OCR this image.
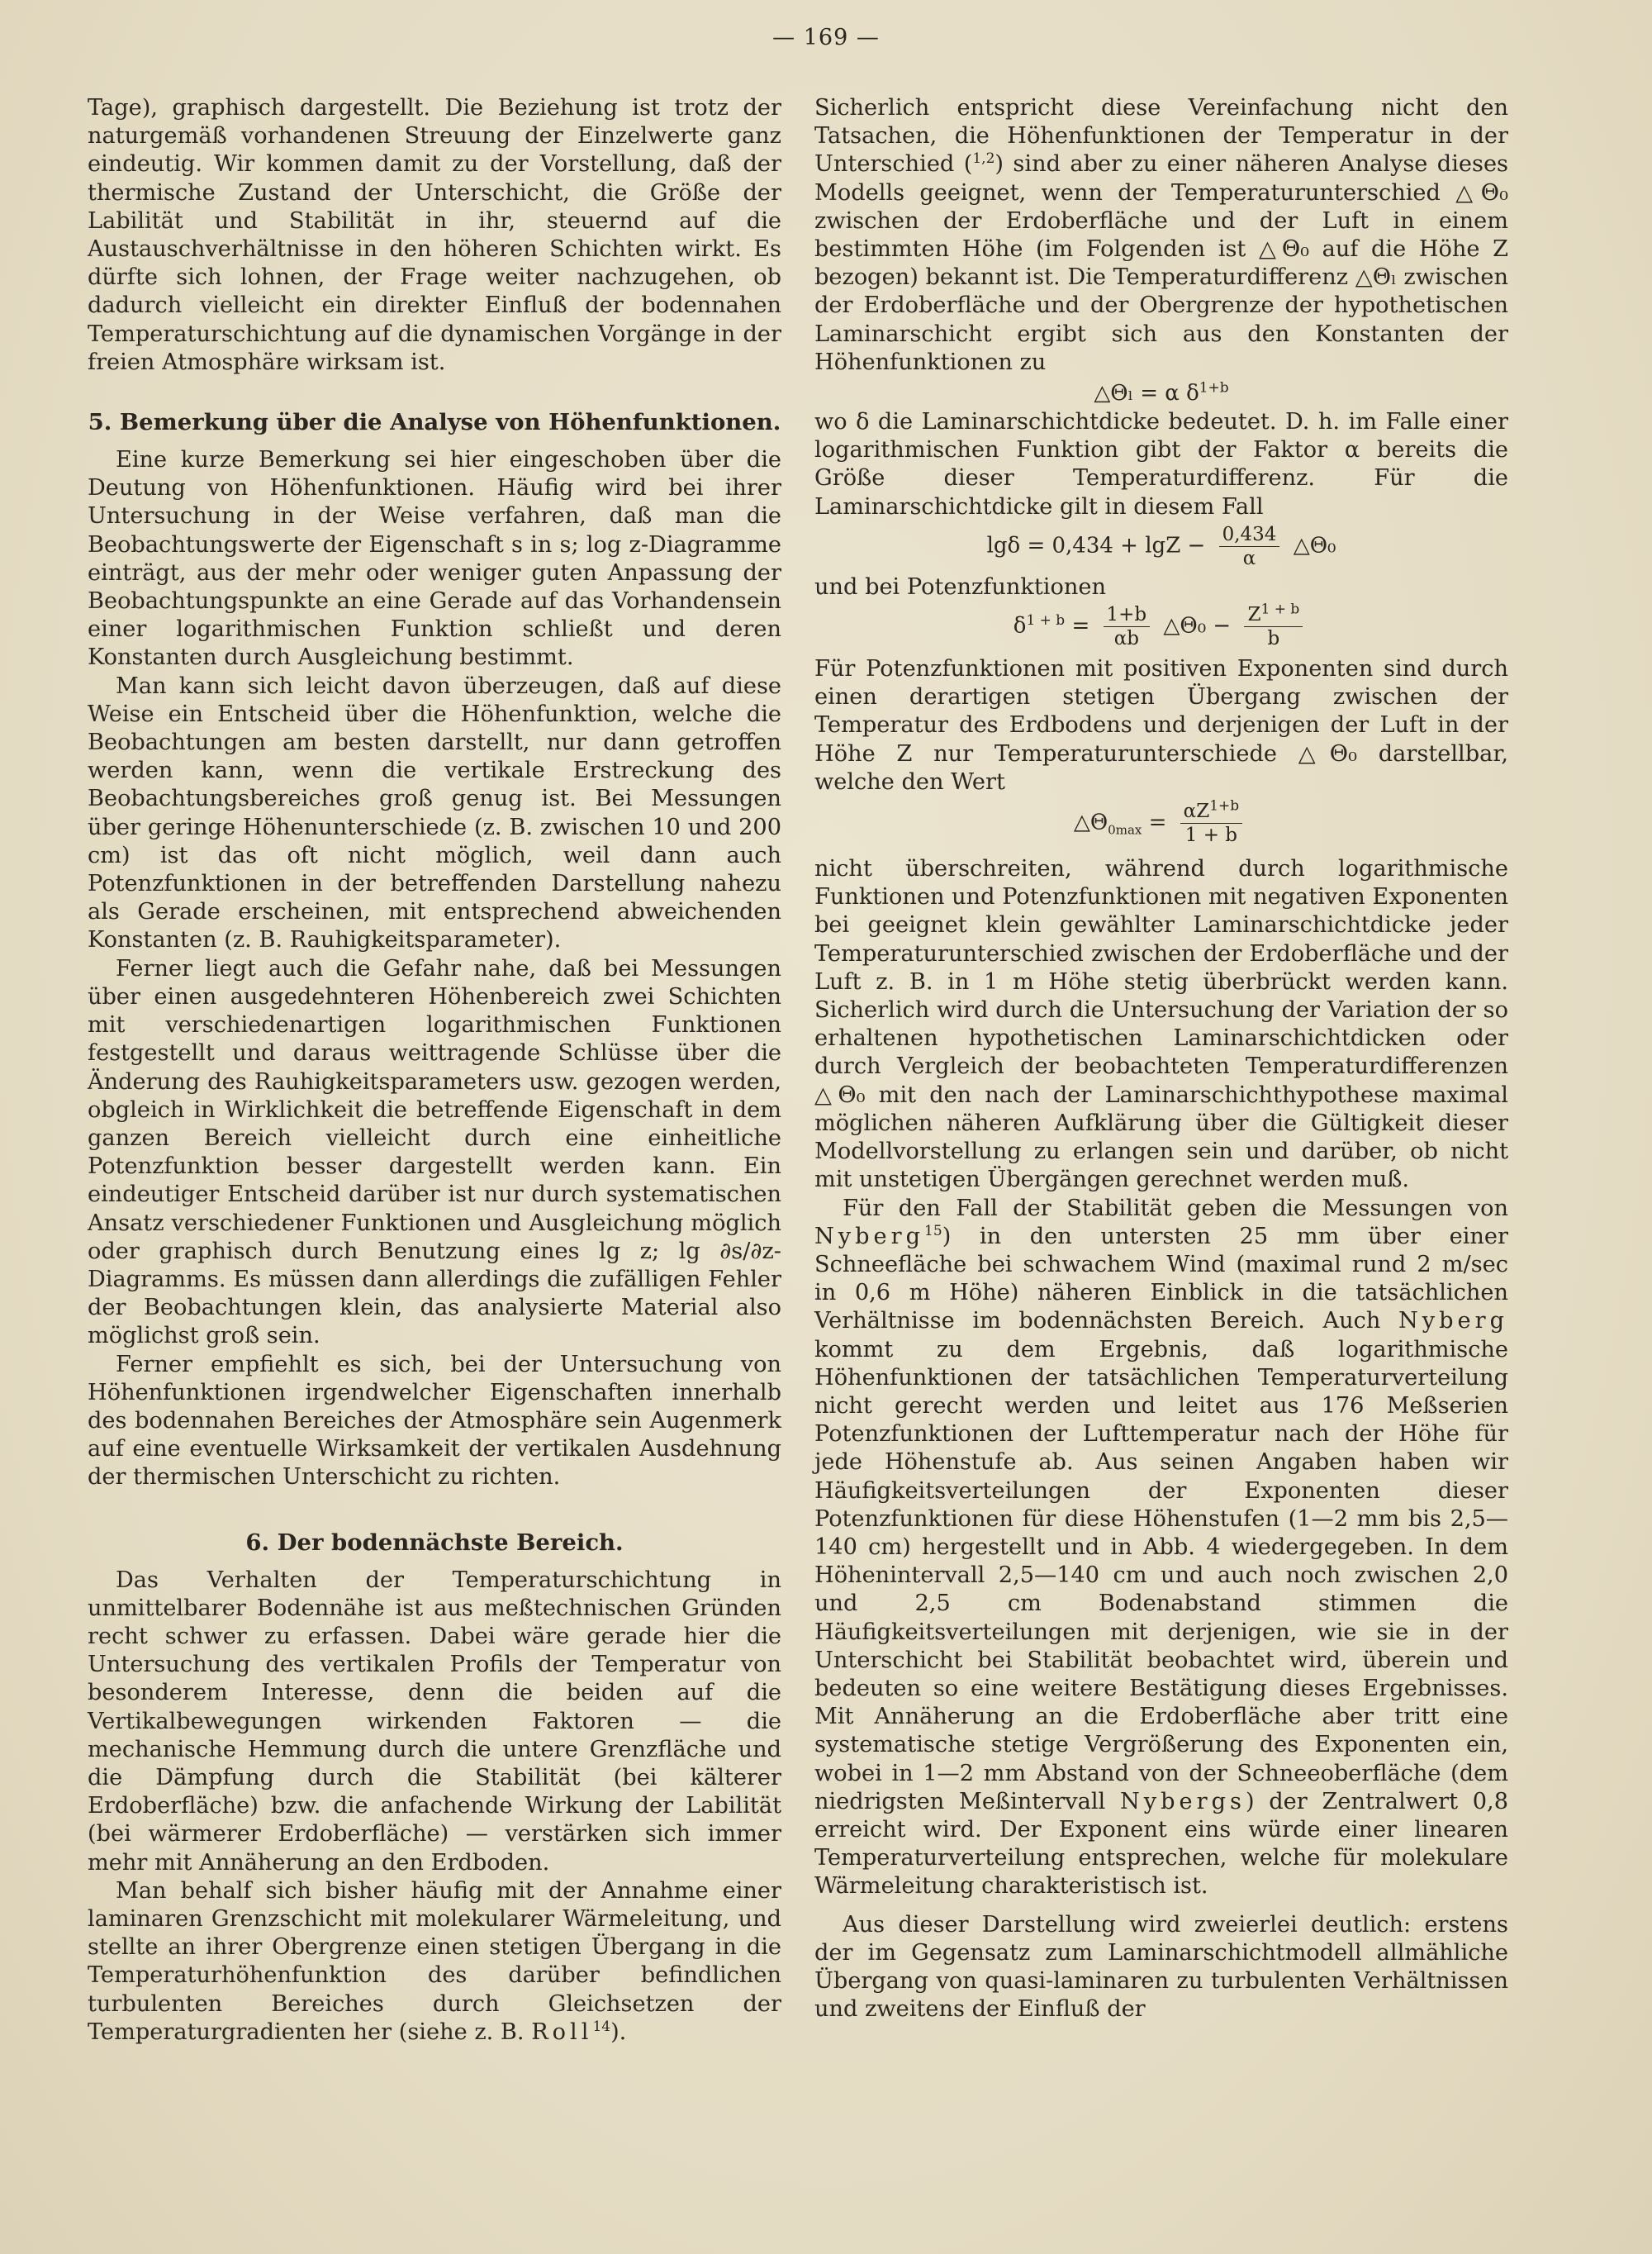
— 169 —

Tage), graphisch dargestellt. Die Beziehung ist trotz der naturgemäß vorhandenen Streuung der Einzelwerte ganz eindeutig. Wir kommen damit zu der Vorstellung, daß der thermische Zustand der Unterschicht, die Größe der Labilität und Stabilität in ihr, steuernd auf die Austauschverhältnisse in den höheren Schichten wirkt. Es dürfte sich lohnen, der Frage weiter nachzugehen, ob dadurch vielleicht ein direkter Einfluß der bodennahen Temperaturschichtung auf die dynamischen Vorgänge in der freien Atmosphäre wirksam ist.

5. Bemerkung über die Analyse von Höhenfunktionen.

Eine kurze Bemerkung sei hier eingeschoben über die Deutung von Höhenfunktionen. Häufig wird bei ihrer Untersuchung in der Weise verfahren, daß man die Beobachtungswerte der Eigenschaft s in s; log z-Diagramme einträgt, aus der mehr oder weniger guten Anpassung der Beobachtungspunkte an eine Gerade auf das Vorhandensein einer logarithmischen Funktion schließt und deren Konstanten durch Ausgleichung bestimmt.

Man kann sich leicht davon überzeugen, daß auf diese Weise ein Entscheid über die Höhenfunktion, welche die Beobachtungen am besten darstellt, nur dann getroffen werden kann, wenn die vertikale Erstreckung des Beobachtungsbereiches groß genug ist. Bei Messungen über geringe Höhenunterschiede (z. B. zwischen 10 und 200 cm) ist das oft nicht möglich, weil dann auch Potenzfunktionen in der betreffenden Darstellung nahezu als Gerade erscheinen, mit entsprechend abweichenden Konstanten (z. B. Rauhigkeitsparameter).

Ferner liegt auch die Gefahr nahe, daß bei Messungen über einen ausgedehnteren Höhenbereich zwei Schichten mit verschiedenartigen logarithmischen Funktionen festgestellt und daraus weittragende Schlüsse über die Änderung des Rauhigkeitsparameters usw. gezogen werden, obgleich in Wirklichkeit die betreffende Eigenschaft in dem ganzen Bereich vielleicht durch eine einheitliche Potenzfunktion besser dargestellt werden kann. Ein eindeutiger Entscheid darüber ist nur durch systematischen Ansatz verschiedener Funktionen und Ausgleichung möglich oder graphisch durch Benutzung eines lg z; lg ∂s/∂z-Diagramms. Es müssen dann allerdings die zufälligen Fehler der Beobachtungen klein, das analysierte Material also möglichst groß sein.

Ferner empfiehlt es sich, bei der Untersuchung von Höhenfunktionen irgendwelcher Eigenschaften innerhalb des bodennahen Bereiches der Atmosphäre sein Augenmerk auf eine eventuelle Wirksamkeit der vertikalen Ausdehnung der thermischen Unterschicht zu richten.

6. Der bodennächste Bereich.

Das Verhalten der Temperaturschichtung in unmittelbarer Bodennähe ist aus meßtechnischen Gründen recht schwer zu erfassen. Dabei wäre gerade hier die Untersuchung des vertikalen Profils der Temperatur von besonderem Interesse, denn die beiden auf die Vertikalbewegungen wirkenden Faktoren — die mechanische Hemmung durch die untere Grenzfläche und die Dämpfung durch die Stabilität (bei kälterer Erdoberfläche) bzw. die anfachende Wirkung der Labilität (bei wärmerer Erdoberfläche) — verstärken sich immer mehr mit Annäherung an den Erdboden.

Man behalf sich bisher häufig mit der Annahme einer laminaren Grenzschicht mit molekularer Wärmeleitung, und stellte an ihrer Obergrenze einen stetigen Übergang in die Temperaturhöhenfunktion des darüber befindlichen turbulenten Bereiches durch Gleichsetzen der Temperaturgradienten her (siehe z. B. Roll$^{14}$).

Sicherlich entspricht diese Vereinfachung nicht den Tatsachen, die Höhenfunktionen der Temperatur in der Unterschied ($^{1,2}$) sind aber zu einer näheren Analyse dieses Modells geeignet, wenn der Temperaturunterschied △Θ₀ zwischen der Erdoberfläche und der Luft in einem bestimmten Höhe (im Folgenden ist △Θ₀ auf die Höhe Z bezogen) bekannt ist. Die Temperaturdifferenz △Θₗ zwischen der Erdoberfläche und der Obergrenze der hypothetischen Laminarschicht ergibt sich aus den Konstanten der Höhenfunktionen zu

△Θₗ = α $\delta^{1+b}$

wo δ die Laminarschichtdicke bedeutet. D. h. im Falle einer logarithmischen Funktion gibt der Faktor α bereits die Größe dieser Temperaturdifferenz. Für die Laminarschichtdicke gilt in diesem Fall

$\lg\delta = 0,434 + \lg Z - \frac{0,434}{\alpha}$ △Θ₀

und bei Potenzfunktionen

$\delta^{1 + b} = \frac{1+b}{\alpha b}$ △Θ₀ − $\frac{Z^{1 + b}}{b}$

Für Potenzfunktionen mit positiven Exponenten sind durch einen derartigen stetigen Übergang zwischen der Temperatur des Erdbodens und derjenigen der Luft in der Höhe Z nur Temperaturunterschiede △Θ₀ darstellbar, welche den Wert

$\triangle\Theta_{0max} = \frac{\alpha Z^{1+b}}{1 + b}$

nicht überschreiten, während durch logarithmische Funktionen und Potenzfunktionen mit negativen Exponenten bei geeignet klein gewählter Laminarschichtdicke jeder Temperaturunterschied zwischen der Erdoberfläche und der Luft z. B. in 1 m Höhe stetig überbrückt werden kann. Sicherlich wird durch die Untersuchung der Variation der so erhaltenen hypothetischen Laminarschichtdicken oder durch Vergleich der beobachteten Temperaturdifferenzen △Θ₀ mit den nach der Laminarschichthypothese maximal möglichen näheren Aufklärung über die Gültigkeit dieser Modellvorstellung zu erlangen sein und darüber, ob nicht mit unstetigen Übergängen gerechnet werden muß.

Für den Fall der Stabilität geben die Messungen von Nyberg$^{15}$) in den untersten 25 mm über einer Schneefläche bei schwachem Wind (maximal rund 2 m/sec in 0,6 m Höhe) näheren Einblick in die tatsächlichen Verhältnisse im bodennächsten Bereich. Auch Nyberg kommt zu dem Ergebnis, daß logarithmische Höhenfunktionen der tatsächlichen Temperaturverteilung nicht gerecht werden und leitet aus 176 Meßserien Potenzfunktionen der Lufttemperatur nach der Höhe für jede Höhenstufe ab. Aus seinen Angaben haben wir Häufigkeitsverteilungen der Exponenten dieser Potenzfunktionen für diese Höhenstufen (1—2 mm bis 2,5—140 cm) hergestellt und in Abb. 4 wiedergegeben. In dem Höhenintervall 2,5—140 cm und auch noch zwischen 2,0 und 2,5 cm Bodenabstand stimmen die Häufigkeitsverteilungen mit derjenigen, wie sie in der Unterschicht bei Stabilität beobachtet wird, überein und bedeuten so eine weitere Bestätigung dieses Ergebnisses. Mit Annäherung an die Erdoberfläche aber tritt eine systematische stetige Vergrößerung des Exponenten ein, wobei in 1—2 mm Abstand von der Schneeoberfläche (dem niedrigsten Meßintervall Nybergs) der Zentralwert 0,8 erreicht wird. Der Exponent eins würde einer linearen Temperaturverteilung entsprechen, welche für molekulare Wärmeleitung charakteristisch ist.

Aus dieser Darstellung wird zweierlei deutlich: erstens der im Gegensatz zum Laminarschichtmodell allmähliche Übergang von quasi-laminaren zu turbulenten Verhältnissen und zweitens der Einfluß der
